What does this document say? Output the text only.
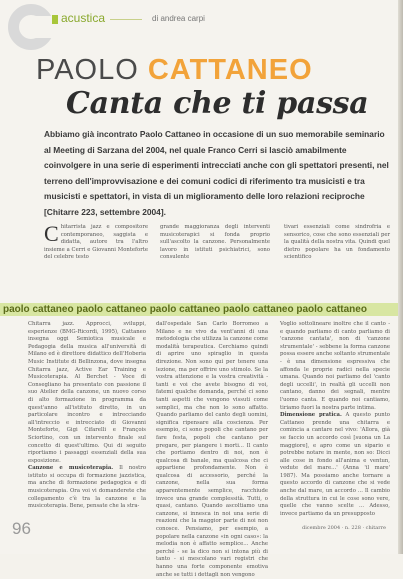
acustica	di andrea carpi
PAOLO CATTANEO
Canta che ti passa
Abbiamo già incontrato Paolo Cattaneo in occasione di un suo memorabile seminario al Meeting di Sarzana del 2004, nel quale Franco Cerri si lasciò amabilmente coinvolgere in una serie di esperimenti intrecciati anche con gli spettatori presenti, nel terreno dell'improvvisazione e dei comuni codici di riferimento tra musicisti e tra musicisti e spettatori, in vista di un miglioramento delle loro relazioni reciproche [Chitarre 223, settembre 2004].
Chitarrista jazz e compositore contemporaneo, saggista e didatta, autore tra l'altro insieme a Cerri e Giovanni Monteforte del celebre testo
grande maggioranza degli interventi musicoterapici si fonda proprio sull'ascolto la canzone. Personalmente lavoro in istituti psichiatrici, sono consulente
tivari essenziali come sindrofria e sensorico, cose che sono essenziali per la qualità della nostra vita. Quindi quel dietro popolare ha un fondamento scientifico
paolo cattaneo paolo cattaneo paolo cattaneo paolo cattaneo paolo cattaneo
Chitarra jazz. Approcci, sviluppi, esperienze (BMG-Ricordi, 1995), Cattaneo insegna oggi Semiotica musicale e Pedagogia della musica all'università di Milano ed è direttore didattico dell'Hoberia Music Institute di Bellinzona, dove insegna Chitarra jazz, Active Ear Training e Musicoterapia. Al Berchet - Voce di Consegliano ha presentato con passione il suo Atelier della canzone, un nuovo corso di alto formazione in programma da quest'anno all'istituto diretto, in un particolare incontro e intrecciando all'intreccio e intrecciato di Giovanni Monteforte, Gigi Cifarelli e François Sciortino, con un intervento finale sul concetto di quest'ultimo. Qui di seguito riportiamo i passaggi essenziali della sua esposizione.
Canzone e musicoterapia. Il nostro istituto si occupa di formazione jazzistica, ma anche di formazione pedagogica e di musicoterapia. Ora voi vi domanderete che collegamento c'è tra la canzone e la musicoterapia. Bene, pensate che la stra-
dall'ospedale San Carlo Borromeo a Milano e ne vivo da vent'anni di una metodologia che utilizza la canzone come modalità terapeutica. Cerchiamo quindi di aprire uno spiraglio in questa direzione. Non sono qui per tenere una lezione, ma per offrire uno stimolo. Se la vostra attenzione e la vostra creatività - tanti e voi che avete bisogno di voi, fatemi qualche domanda, perché ci sono tanti aspetti che vengono vissuti come semplici, ma che non lo sono affatto. Quando parliamo del canto degli uomini, significa ripensare alla coscienza. Per esempio, ci sono popoli che cantano per fare festa, popoli che cantano per pregare, per piangere i morti... Il canto che portiamo dentro di noi, non è qualcosa di banale, ma qualcosa che ci appartiene profondamente. Non è qualcosa di accessorio, perché la canzone, nella sua forma apparentemente semplice, racchiude invece una grande complessità. Tutti, o quasi, cantano. Quando ascoltiamo una canzone, si innesca in noi una serie di reazioni che la maggior parte di noi non conosce. Pensiamo, per esempio, a popolare nella canzone «in ogni caso»: la melodia non è affatto semplice... Anche perché - se la dico non si intona più di tanto - si mescolano vari registri che hanno una forte componente emotiva anche se tutti i dettagli non vengono
Voglio sottolineare inoltre che il canto - e quando parliamo di canto parliamo di 'canzone cantata', non di 'canzone strumentale' - sebbene la forma canzone possa essere anche soltanto strumentale - è una dimensione espressiva che affonda le proprie radici nella specie umana. Quando noi parliamo del 'canto degli uccelli', in realtà gli uccelli non cantano, danno dei segnali, mentre l'uomo canta. E quando noi cantiamo, tiriamo fuori la nostra parte intima.
Dimensione pratica. A questo punto Cattaneo prende una chitarra e comincia a cantare nel vivo: 'Allora, già se faccio un accordo così [suona un La maggiore], e apro come un sipario e potrebbe notare in mente, non so: Dicci alle cose in fondo all'anima e ventun, vedute del mare...' (Anna 'il mare' 1987). Ma possiamo anche tornare a questo accordo di canzone che si vede anche dal mare, un accordo ... Il cambio della struttura in cui le cose sono vere, quelle che vanno scelte ... Adesso, invece partiamo da un presupposto
96	dicembre 2004 · n. 228 · chitarre
